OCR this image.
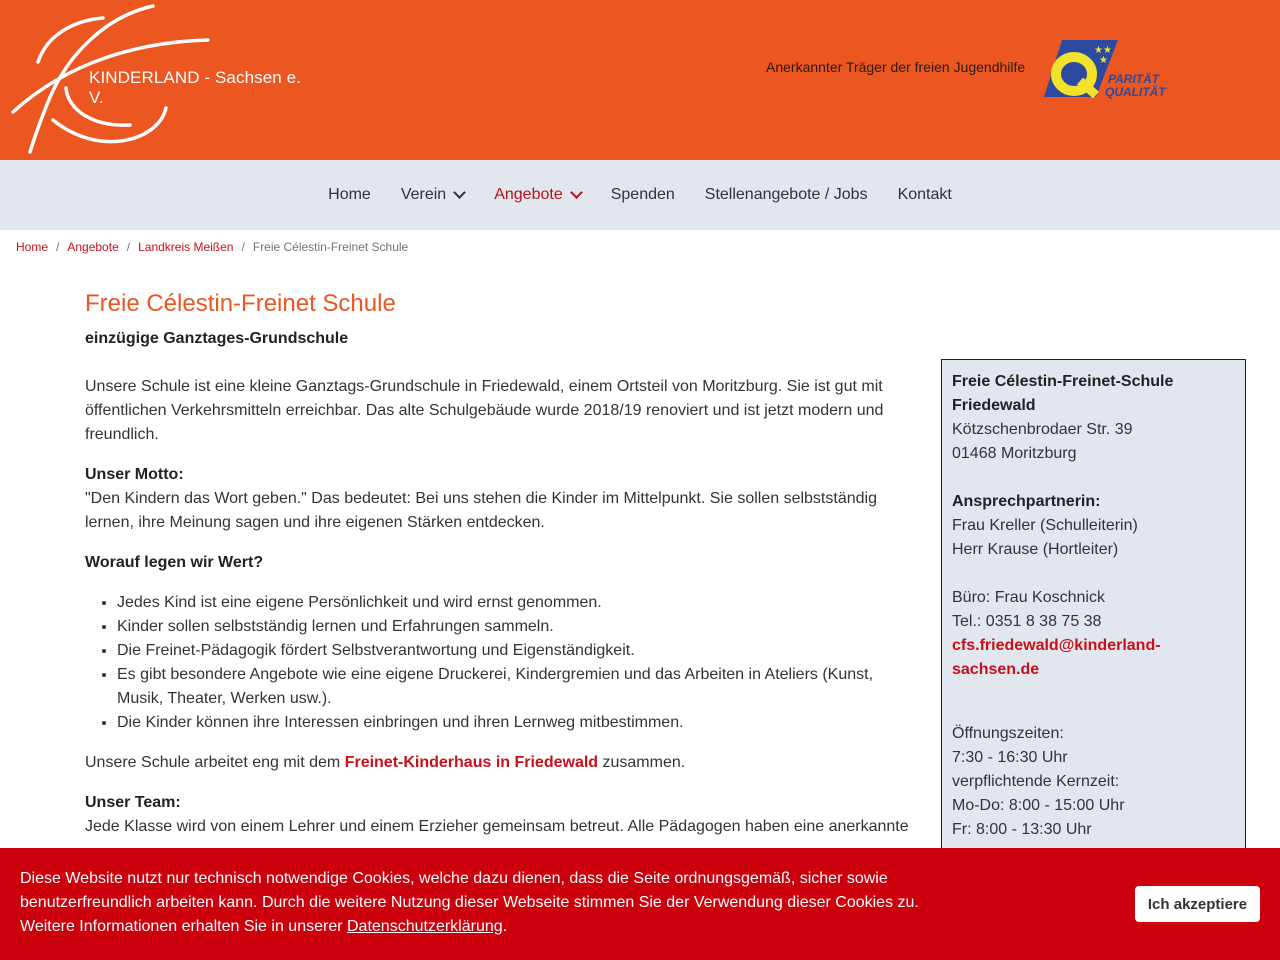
KINDERLAND - Sachsen e. V.
Anerkannter Träger der freien Jugendhilfe
★★
★
PARITÄT
QUALITÄT
Home Verein	Angebote	Spenden Stellenangebote / Jobs Kontakt
Home / Angebote / Landkreis Meißen / Freie Célestin-Freinet Schule
Freie Célestin-Freinet Schule
einzügige Ganztages-Grundschule

Unsere Schule ist eine kleine Ganztags-Grundschule in Friedewald, einem Ortsteil von Moritzburg. Sie ist gut mit öffentlichen Verkehrsmitteln erreichbar. Das alte Schulgebäude wurde 2018/19 renoviert und ist jetzt modern und freundlich.

Unser Motto:
"Den Kindern das Wort geben." Das bedeutet: Bei uns stehen die Kinder im Mittelpunkt. Sie sollen selbstständig lernen, ihre Meinung sagen und ihre eigenen Stärken entdecken.

Worauf legen wir Wert?

• Jedes Kind ist eine eigene Persönlichkeit und wird ernst genommen.
• Kinder sollen selbstständig lernen und Erfahrungen sammeln.
• Die Freinet-Pädagogik fördert Selbstverantwortung und Eigenständigkeit.
• Es gibt besondere Angebote wie eine eigene Druckerei, Kindergremien und das Arbeiten in Ateliers (Kunst, Musik, Theater, Werken usw.).
• Die Kinder können ihre Interessen einbringen und ihren Lernweg mitbestimmen.

Unsere Schule arbeitet eng mit dem Freinet-Kinderhaus in Friedewald zusammen.

Unser Team:
Jede Klasse wird von einem Lehrer und einem Erzieher gemeinsam betreut. Alle Pädagogen haben eine anerkannte

Freie Célestin-Freinet-Schule
Friedewald
Kötzschenbrodaer Str. 39
01468 Moritzburg
Ansprechpartnerin:
Frau Kreller (Schulleiterin)
Herr Krause (Hortleiter)
Büro: Frau Koschnick
Tel.: 0351 8 38 75 38
cfs.friedewald@kinderland-
sachsen.de
Öffnungszeiten:
7:30 - 16:30 Uhr
verpflichtende Kernzeit:
Mo-Do: 8:00 - 15:00 Uhr
Fr: 8:00 - 13:30 Uhr
Diese Website nutzt nur technisch notwendige Cookies, welche dazu dienen, dass die Seite ordnungsgemäß, sicher sowie benutzerfreundlich arbeiten kann. Durch die weitere Nutzung dieser Webseite stimmen Sie der Verwendung dieser Cookies zu. Weitere Informationen erhalten Sie in unserer Datenschutzerklärung.
Ich akzeptiere
